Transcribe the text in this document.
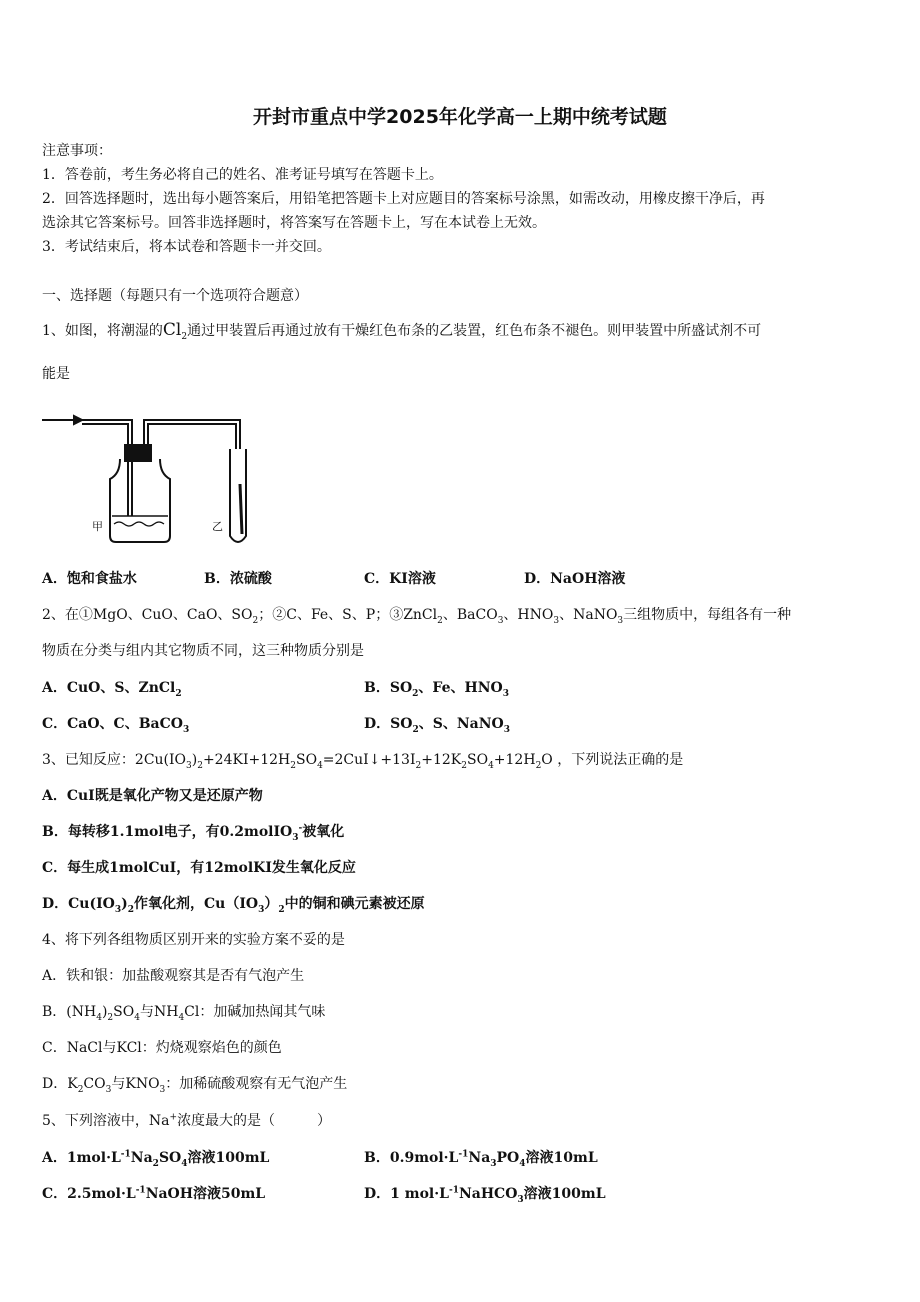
开封市重点中学2025年化学高一上期中统考试题
注意事项：
1．答卷前，考生务必将自己的姓名、准考证号填写在答题卡上。
2．回答选择题时，选出每小题答案后，用铅笔把答题卡上对应题目的答案标号涂黑，如需改动，用橡皮擦干净后，再
选涂其它答案标号。回答非选择题时，将答案写在答题卡上，写在本试卷上无效。
3．考试结束后，将本试卷和答题卡一并交回。
一、选择题（每题只有一个选项符合题意）
1、如图，将潮湿的$Cl_2$通过甲装置后再通过放有干燥红色布条的乙装置，红色布条不褪色。则甲装置中所盛试剂不可
能是
甲	乙
A．饱和食盐水	B．浓硫酸	C．KI溶液	D．NaOH溶液
2、在①MgO、CuO、CaO、$SO_2$；②C、Fe、S、P；③ZnCl$_2$、BaCO$_3$、$HNO_3$、NaNO$_3$三组物质中，每组各有一种
物质在分类与组内其它物质不同，这三种物质分别是
A．CuO、S、ZnCl$_2$	B．$SO_2$、Fe、$HNO_3$
C．CaO、C、BaCO$_3$	D．$SO_2$、S、NaNO$_3$
3、已知反应：$2Cu(IO_3)_2+24KI+12H_2SO_4=2CuI↓+13I_2+12K_2SO_4+12H_2O$ ，下列说法正确的是
A．CuI既是氧化产物又是还原产物
B．每转移1.1mol电子，有0.2molIO$_3$-被氧化
C．每生成1molCuI，有12molKI发生氧化反应
D．$Cu(IO_3)_2$作氧化剂，$Cu(IO_3)_2$中的铜和碘元素被还原
4、将下列各组物质区别开来的实验方案不妥的是
A．铁和银：加盐酸观察其是否有气泡产生
B．$(NH_4)_2SO_4$与$NH_4Cl$：加碱加热闻其气味
C．NaCl与KCl：灼烧观察焰色的颜色
D．$K_2CO_3$与$KNO_3$：加稀硫酸观察有无气泡产生
5、下列溶液中，Na+浓度最大的是（　　　）
A．$1mol\cdot L^{-1}Na_2SO_4$溶液100mL	B．$0.9mol\cdot L^{-1}Na_3PO_4$溶液10mL
C．$2.5mol\cdot L^{-1}NaOH$溶液50mL	D．1 $mol\cdot L^{-1}NaHCO_3$溶液100mL
